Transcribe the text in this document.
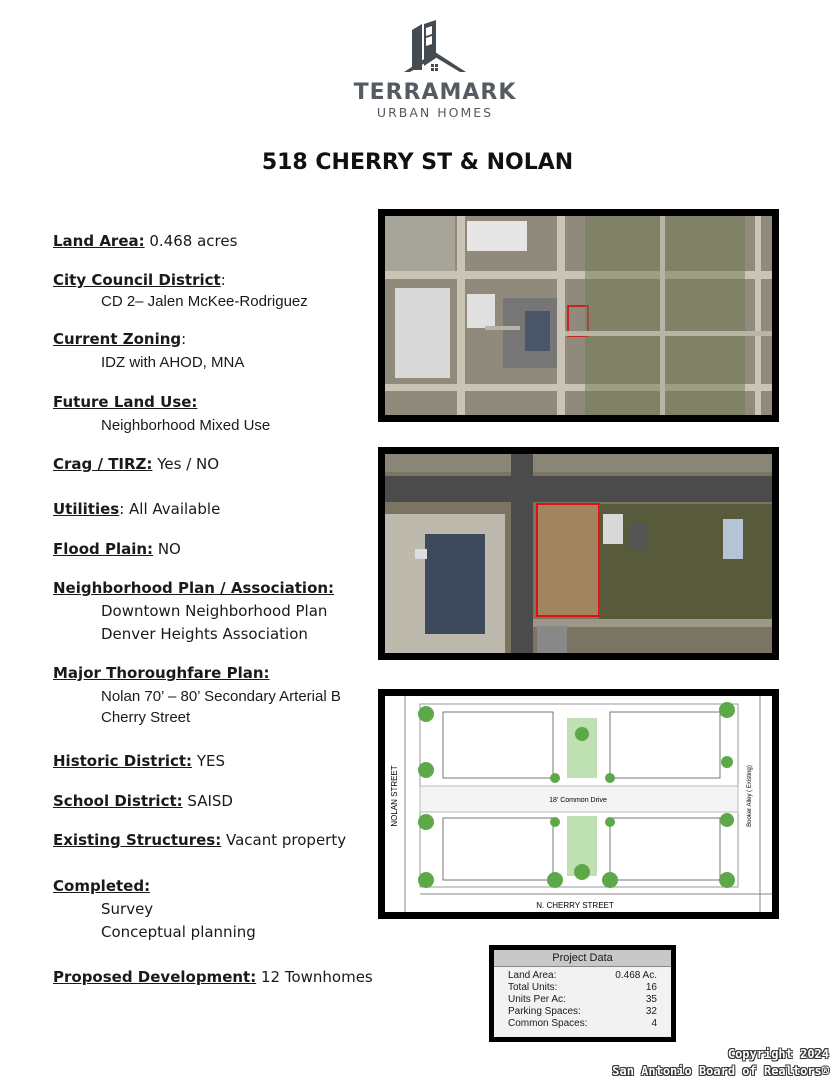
TERRAMARK
URBAN HOMES
518 CHERRY ST & NOLAN
Land Area: 0.468 acres
City Council District:
CD 2– Jalen McKee-Rodriguez
Current Zoning:
IDZ with AHOD, MNA
Future Land Use:
Neighborhood Mixed Use
Crag / TIRZ: Yes / NO
Utilities: All Available
Flood Plain: NO
Neighborhood Plan / Association:
Downtown Neighborhood Plan
Denver Heights Association
Major Thoroughfare Plan:
Nolan 70’ – 80’ Secondary Arterial B
Cherry Street
Historic District: YES
School District: SAISD
Existing Structures: Vacant property
Completed:
Survey
Conceptual planning
Proposed Development: 12 Townhomes
NOLAN STREET
N. CHERRY STREET
18' Common Drive	Booker Alley ( Existing)
Project Data
Land Area:	0.468 Ac.
Total Units:	16
Units Per Ac:	35
Parking Spaces:	32
Common Spaces:	4
Copyright 2024
San Antonio Board of Realtors®
